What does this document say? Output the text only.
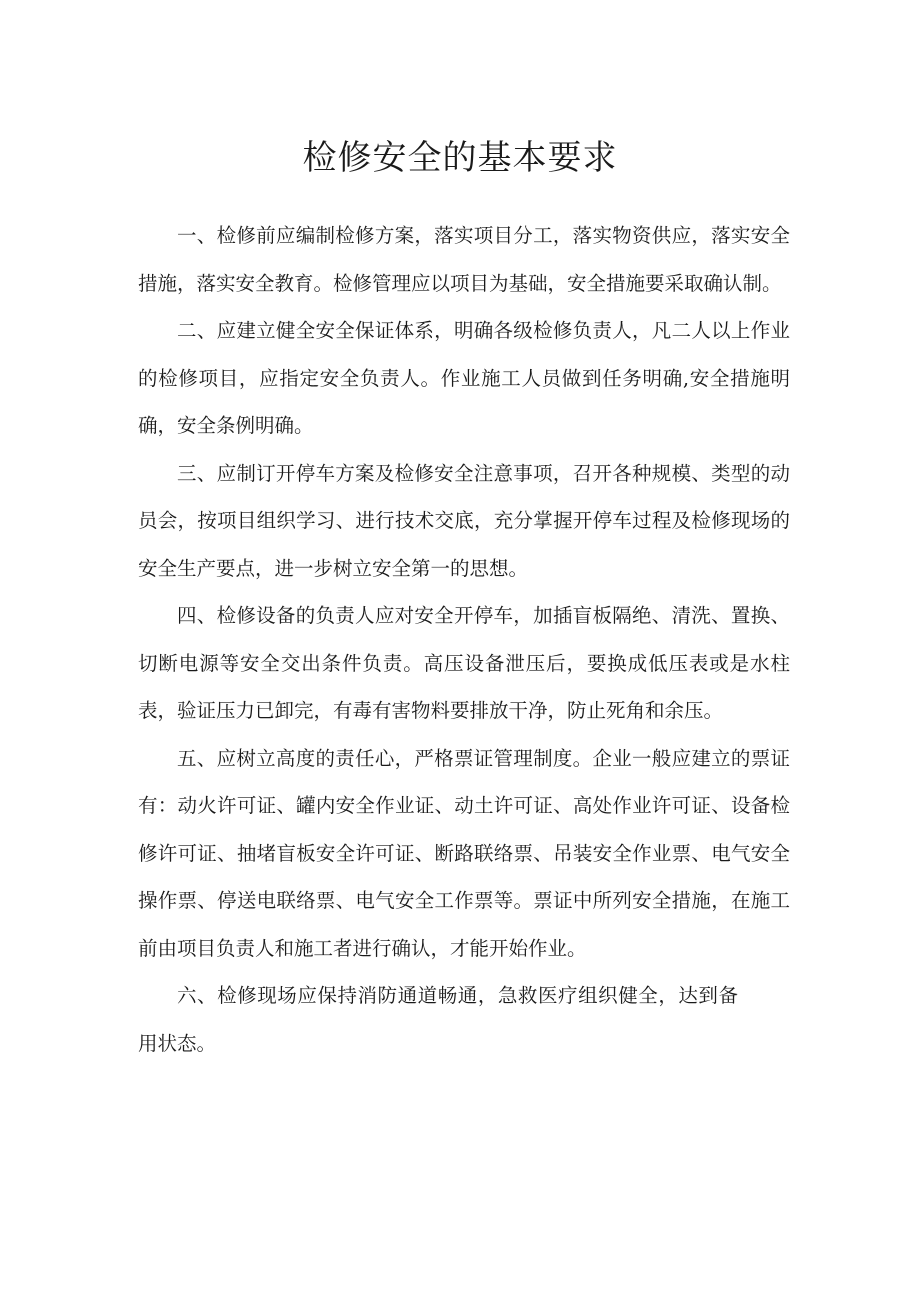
检修安全的基本要求

一、检修前应编制检修方案，落实项目分工，落实物资供应，落实安全措施，落实安全教育。检修管理应以项目为基础，安全措施要采取确认制。

二、应建立健全安全保证体系，明确各级检修负责人，凡二人以上作业的检修项目，应指定安全负责人。作业施工人员做到任务明确,安全措施明确，安全条例明确。

三、应制订开停车方案及检修安全注意事项，召开各种规模、类型的动员会，按项目组织学习、进行技术交底，充分掌握开停车过程及检修现场的安全生产要点，进一步树立安全第一的思想。

四、检修设备的负责人应对安全开停车，加插盲板隔绝、清洗、置换、切断电源等安全交出条件负责。高压设备泄压后，要换成低压表或是水柱表，验证压力已卸完，有毒有害物料要排放干净，防止死角和余压。

五、应树立高度的责任心，严格票证管理制度。企业一般应建立的票证有：动火许可证、罐内安全作业证、动土许可证、高处作业许可证、设备检修许可证、抽堵盲板安全许可证、断路联络票、吊装安全作业票、电气安全操作票、停送电联络票、电气安全工作票等。票证中所列安全措施，在施工前由项目负责人和施工者进行确认，才能开始作业。

六、检修现场应保持消防通道畅通，急救医疗组织健全，达到备用状态。
